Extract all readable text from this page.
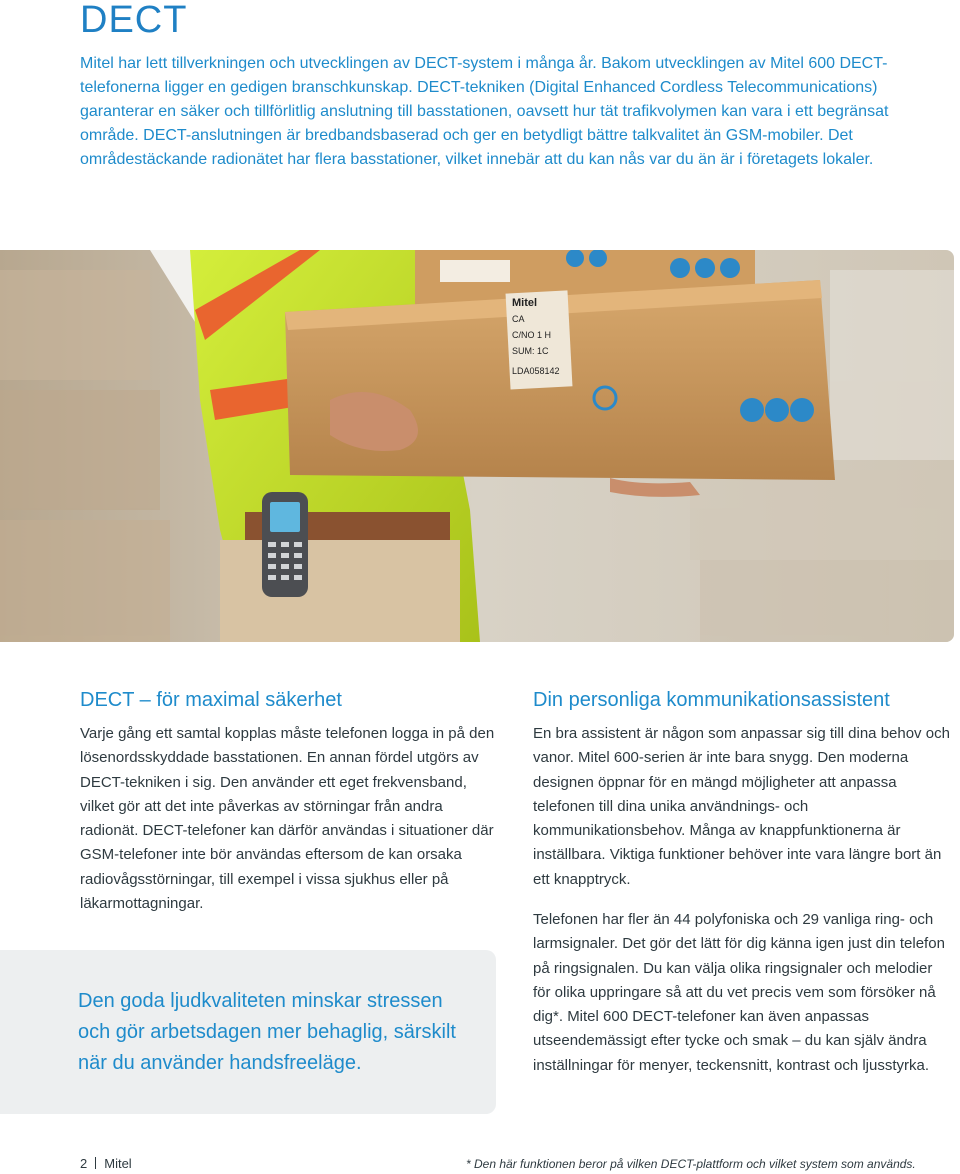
DECT

Mitel har lett tillverkningen och utvecklingen av DECT-system i många år. Bakom utvecklingen av Mitel 600 DECT-telefonerna ligger en gedigen branschkunskap. DECT-tekniken (Digital Enhanced Cordless Telecommunications) garanterar en säker och tillförlitlig anslutning till basstationen, oavsett hur tät trafikvolymen kan vara i ett begränsat område. DECT-anslutningen är bredbandsbaserad och ger en betydligt bättre talkvalitet än GSM-mobiler. Det områdestäckande radionätet har flera basstationer, vilket innebär att du kan nås var du än är i företagets lokaler.

Mitel
CA
C/NO 1 H
SUM: 1C
LDA058142
DECT – för maximal säkerhet

Varje gång ett samtal kopplas måste telefonen logga in på den lösenordsskyddade basstationen. En annan fördel utgörs av DECT-tekniken i sig. Den använder ett eget frekvensband, vilket gör att det inte påverkas av störningar från andra radionät. DECT-telefoner kan därför användas i situationer där GSM-telefoner inte bör användas eftersom de kan orsaka radiovågsstörningar, till exempel i vissa sjukhus eller på läkarmottagningar.

Den goda ljudkvaliteten minskar stressen och gör arbetsdagen mer behaglig, särskilt när du använder handsfreeläge.

Din personliga kommunikationsassistent

En bra assistent är någon som anpassar sig till dina behov och vanor. Mitel 600-serien är inte bara snygg. Den moderna designen öppnar för en mängd möjligheter att anpassa telefonen till dina unika användnings- och kommunikationsbehov. Många av knappfunktionerna är inställbara. Viktiga funktioner behöver inte vara längre bort än ett knapptryck.

Telefonen har fler än 44 polyfoniska och 29 vanliga ring- och larmsignaler. Det gör det lätt för dig känna igen just din telefon på ringsignalen. Du kan välja olika ringsignaler och melodier för olika uppringare så att du vet precis vem som försöker nå dig*. Mitel 600 DECT-telefoner kan även anpassas utseendemässigt efter tycke och smak – du kan själv ändra inställningar för menyer, teckensnitt, kontrast och ljusstyrka.

2 Mitel	* Den här funktionen beror på vilken DECT-plattform och vilket system som används.
